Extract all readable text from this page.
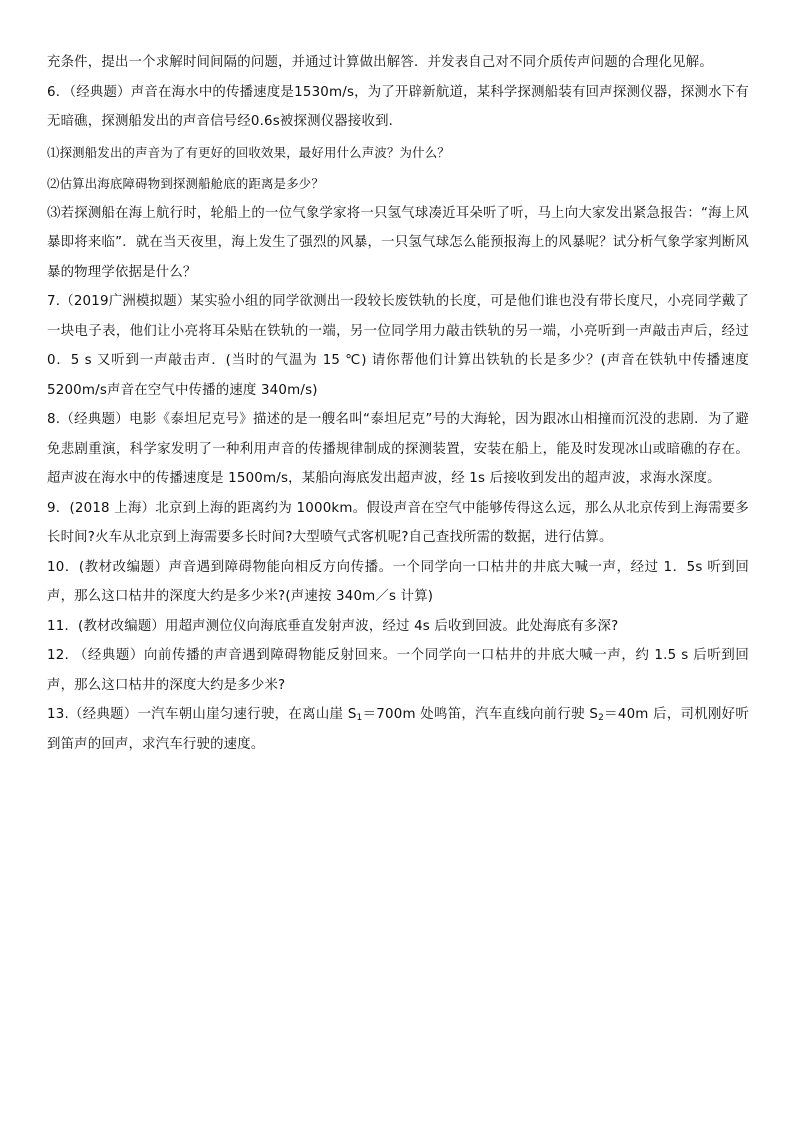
充条件，提出一个求解时间间隔的问题，并通过计算做出解答．并发表自己对不同介质传声问题的合理化见解。

6．（经典题）声音在海水中的传播速度是1530m/s，为了开辟新航道，某科学探测船装有回声探测仪器，探测水下有无暗礁，探测船发出的声音信号经0.6s被探测仪器接收到．

⑴探测船发出的声音为了有更好的回收效果，最好用什么声波？为什么？

⑵估算出海底障碍物到探测船舱底的距离是多少？

⑶若探测船在海上航行时，轮船上的一位气象学家将一只氢气球凑近耳朵听了听，马上向大家发出紧急报告：“海上风暴即将来临”．就在当天夜里，海上发生了强烈的风暴，一只氢气球怎么能预报海上的风暴呢？试分析气象学家判断风暴的物理学依据是什么？

7.（2019广洲模拟题）某实验小组的同学欲测出一段较长废铁轨的长度，可是他们谁也没有带长度尺，小亮同学戴了一块电子表，他们让小亮将耳朵贴在铁轨的一端，另一位同学用力敲击铁轨的另一端，小亮听到一声敲击声后，经过 0．5 s 又听到一声敲击声．(当时的气温为 15 ℃) 请你帮他们计算出铁轨的长是多少？(声音在铁轨中传播速度 5200m/s声音在空气中传播的速度 340m/s)

8.（经典题）电影《泰坦尼克号》描述的是一艘名叫“泰坦尼克”号的大海轮，因为跟冰山相撞而沉没的悲剧．为了避免悲剧重演，科学家发明了一种利用声音的传播规律制成的探测装置，安装在船上，能及时发现冰山或暗礁的存在。超声波在海水中的传播速度是 1500m/s，某船向海底发出超声波，经 1s 后接收到发出的超声波，求海水深度。

9．(2018 上海）北京到上海的距离约为 1000km。假设声音在空气中能够传得这么远，那么从北京传到上海需要多长时间?火车从北京到上海需要多长时间?大型喷气式客机呢?自己查找所需的数据，进行估算。

10．(教材改编题）声音遇到障碍物能向相反方向传播。一个同学向一口枯井的井底大喊一声，经过 1．5s 听到回声，那么这口枯井的深度大约是多少米?(声速按 340m／s 计算)

11．(教材改编题）用超声测位仪向海底垂直发射声波，经过 4s 后收到回波。此处海底有多深?

12. （经典题）向前传播的声音遇到障碍物能反射回来。一个同学向一口枯井的井底大喊一声，约 1.5 s 后听到回声，那么这口枯井的深度大约是多少米?

13.（经典题）一汽车朝山崖匀速行驶，在离山崖 $S_1=700m$ 处鸣笛，汽车直线向前行驶 $S_2=40m$ 后，司机刚好听到笛声的回声，求汽车行驶的速度。
